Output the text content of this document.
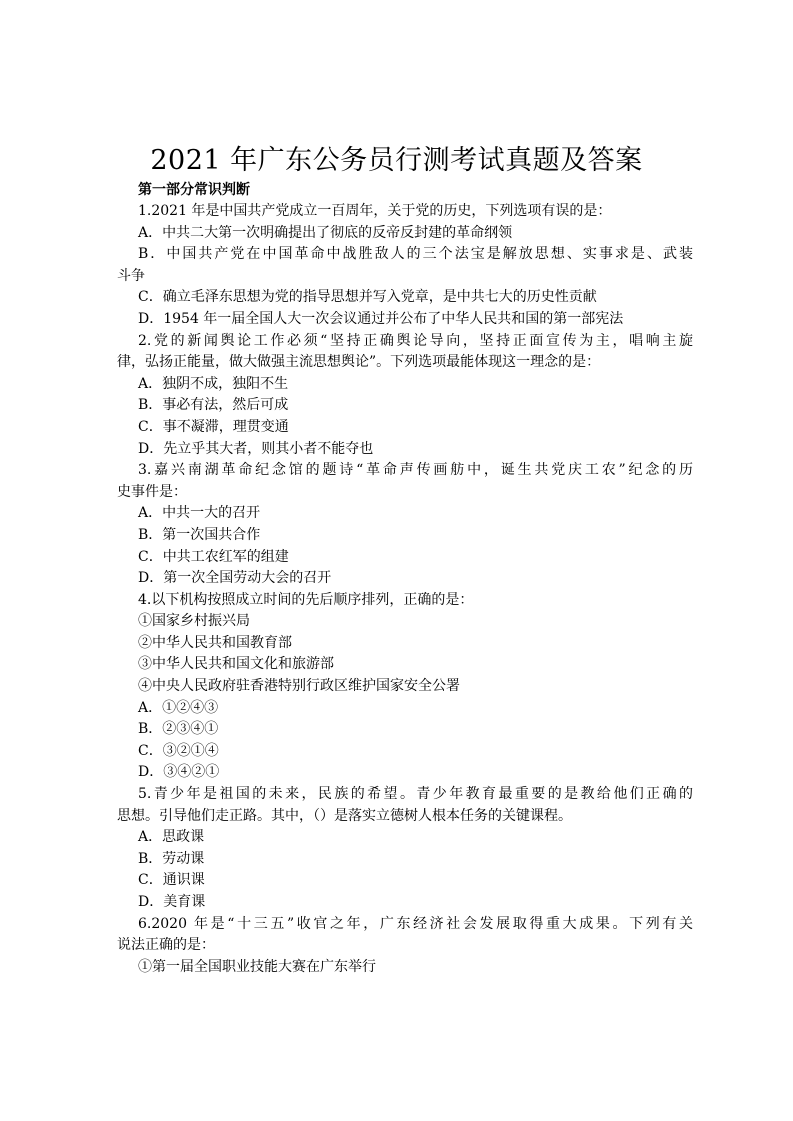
2021 年广东公务员行测考试真题及答案
第一部分常识判断
1.2021 年是中国共产党成立一百周年，关于党的历史，下列选项有误的是：
A．中共二大第一次明确提出了彻底的反帝反封建的革命纲领
B．中国共产党在中国革命中战胜敌人的三个法宝是解放思想、实事求是、武装
斗争
C．确立毛泽东思想为党的指导思想并写入党章，是中共七大的历史性贡献
D．1954 年一届全国人大一次会议通过并公布了中华人民共和国的第一部宪法
2.党的新闻舆论工作必须“坚持正确舆论导向，坚持正面宣传为主，唱响主旋
律，弘扬正能量，做大做强主流思想舆论”。下列选项最能体现这一理念的是：
A．独阴不成，独阳不生
B．事必有法，然后可成
C．事不凝滞，理贯变通
D．先立乎其大者，则其小者不能夺也
3.嘉兴南湖革命纪念馆的题诗“革命声传画舫中，诞生共党庆工农”纪念的历
史事件是：
A．中共一大的召开
B．第一次国共合作
C．中共工农红军的组建
D．第一次全国劳动大会的召开
4.以下机构按照成立时间的先后顺序排列，正确的是：
①国家乡村振兴局
②中华人民共和国教育部
③中华人民共和国文化和旅游部
④中央人民政府驻香港特别行政区维护国家安全公署
A．①②④③
B．②③④①
C．③②①④
D．③④②①
5.青少年是祖国的未来，民族的希望。青少年教育最重要的是教给他们正确的
思想。引导他们走正路。其中，（）是落实立德树人根本任务的关键课程。
A．思政课
B．劳动课
C．通识课
D．美育课
6.2020 年是“十三五”收官之年，广东经济社会发展取得重大成果。下列有关
说法正确的是：
①第一届全国职业技能大赛在广东举行
